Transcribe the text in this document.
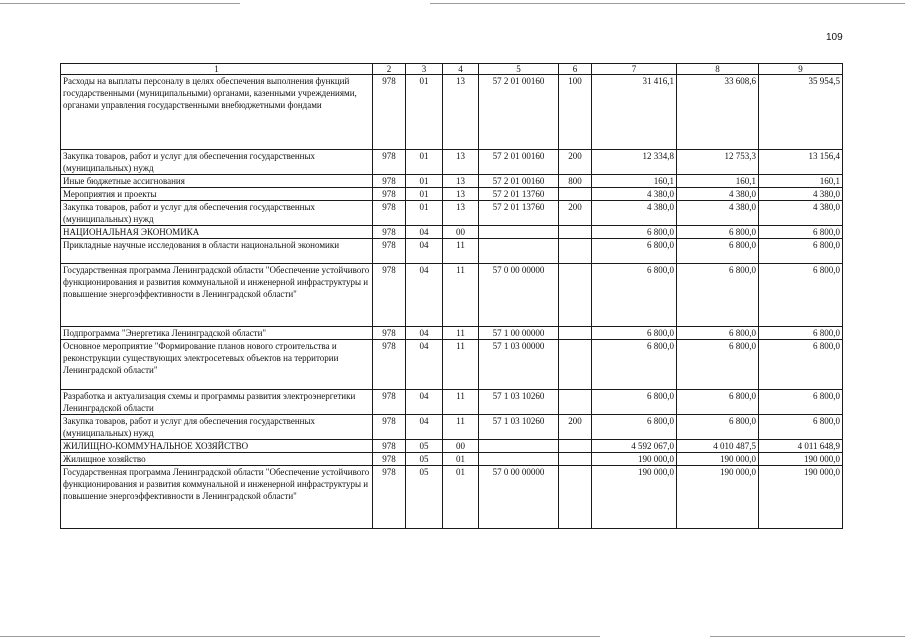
109
1	2	3	4	5	6	7	8	9
Расходы на выплаты персоналу в целях обеспечения выполнения функций государственными (муниципальными) органами, казенными учреждениями, органами управления государственными внебюджетными фондами	978	01	13	57 2 01 00160	100	31 416,1	33 608,6	35 954,5
Закупка товаров, работ и услуг для обеспечения государственных (муниципальных) нужд	978	01	13	57 2 01 00160	200	12 334,8	12 753,3	13 156,4
Иные бюджетные ассигнования	978	01	13	57 2 01 00160	800	160,1	160,1	160,1
Мероприятия и проекты	978	01	13	57 2 01 13760		4 380,0	4 380,0	4 380,0
Закупка товаров, работ и услуг для обеспечения государственных (муниципальных) нужд	978	01	13	57 2 01 13760	200	4 380,0	4 380,0	4 380,0
НАЦИОНАЛЬНАЯ ЭКОНОМИКА	978	04	00			6 800,0	6 800,0	6 800,0
Прикладные научные исследования в области национальной экономики	978	04	11			6 800,0	6 800,0	6 800,0
Государственная программа Ленинградской области "Обеспечение устойчивого функционирования и развития коммунальной и инженерной инфраструктуры и повышение энергоэффективности в Ленинградской области"	978	04	11	57 0 00 00000		6 800,0	6 800,0	6 800,0
Подпрограмма "Энергетика Ленинградской области"	978	04	11	57 1 00 00000		6 800,0	6 800,0	6 800,0
Основное мероприятие "Формирование планов нового строительства и реконструкции существующих электросетевых объектов на территории Ленинградской области"	978	04	11	57 1 03 00000		6 800,0	6 800,0	6 800,0
Разработка и актуализация схемы и программы развития электроэнергетики Ленинградской области	978	04	11	57 1 03 10260		6 800,0	6 800,0	6 800,0
Закупка товаров, работ и услуг для обеспечения государственных (муниципальных) нужд	978	04	11	57 1 03 10260	200	6 800,0	6 800,0	6 800,0
ЖИЛИЩНО-КОММУНАЛЬНОЕ ХОЗЯЙСТВО	978	05	00			4 592 067,0	4 010 487,5	4 011 648,9
Жилищное хозяйство	978	05	01			190 000,0	190 000,0	190 000,0
Государственная программа Ленинградской области "Обеспечение устойчивого функционирования и развития коммунальной и инженерной инфраструктуры и повышение энергоэффективности в Ленинградской области"	978	05	01	57 0 00 00000		190 000,0	190 000,0	190 000,0
